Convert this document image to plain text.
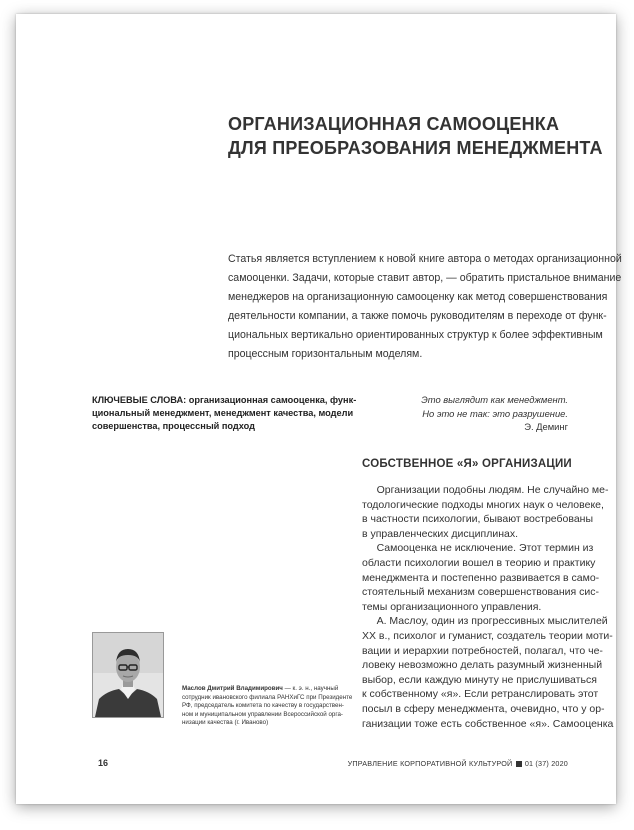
ОРГАНИЗАЦИОННАЯ САМООЦЕНКА
ДЛЯ ПРЕОБРАЗОВАНИЯ МЕНЕДЖМЕНТА
Статья является вступлением к новой книге автора о методах организационной
самооценки. Задачи, которые ставит автор, — обратить пристальное внимание
менеджеров на организационную самооценку как метод совершенствования
деятельности компании, а также помочь руководителям в переходе от функ-
циональных вертикально ориентированных структур к более эффективным
процессным горизонтальным моделям.
КЛЮЧЕВЫЕ СЛОВА: организационная самооценка, функ-
циональный менеджмент, менеджмент качества, модели
совершенства, процессный подход
Это выглядит как менеджмент.
Но это не так: это разрушение.
Э. Деминг
СОБСТВЕННОЕ «Я» ОРГАНИЗАЦИИ
Организации подобны людям. Не случайно ме-
тодологические подходы многих наук о человеке,
в частности психологии, бывают востребованы
в управленческих дисциплинах.
Самооценка не исключение. Этот термин из
области психологии вошел в теорию и практику
менеджмента и постепенно развивается в само-
стоятельный механизм совершенствования сис-
темы организационного управления.
А. Маслоу, один из прогрессивных мыслителей
XX в., психолог и гуманист, создатель теории моти-
вации и иерархии потребностей, полагал, что че-
ловеку невозможно делать разумный жизненный
выбор, если каждую минуту не прислушиваться
к собственному «я». Если ретранслировать этот
посыл в сферу менеджмента, очевидно, что у ор-
ганизации тоже есть собственное «я». Самооценка
Маслов Дмитрий Владимирович — к. э. н., научный
сотрудник ивановского филиала РАНХиГС при Президенте
РФ, председатель комитета по качеству в государствен-
ном и муниципальном управлении Всероссийской орга-
низации качества (г. Иваново)
16	УПРАВЛЕНИЕ КОРПОРАТИВНОЙ КУЛЬТУРОЙ 01 (37) 2020
